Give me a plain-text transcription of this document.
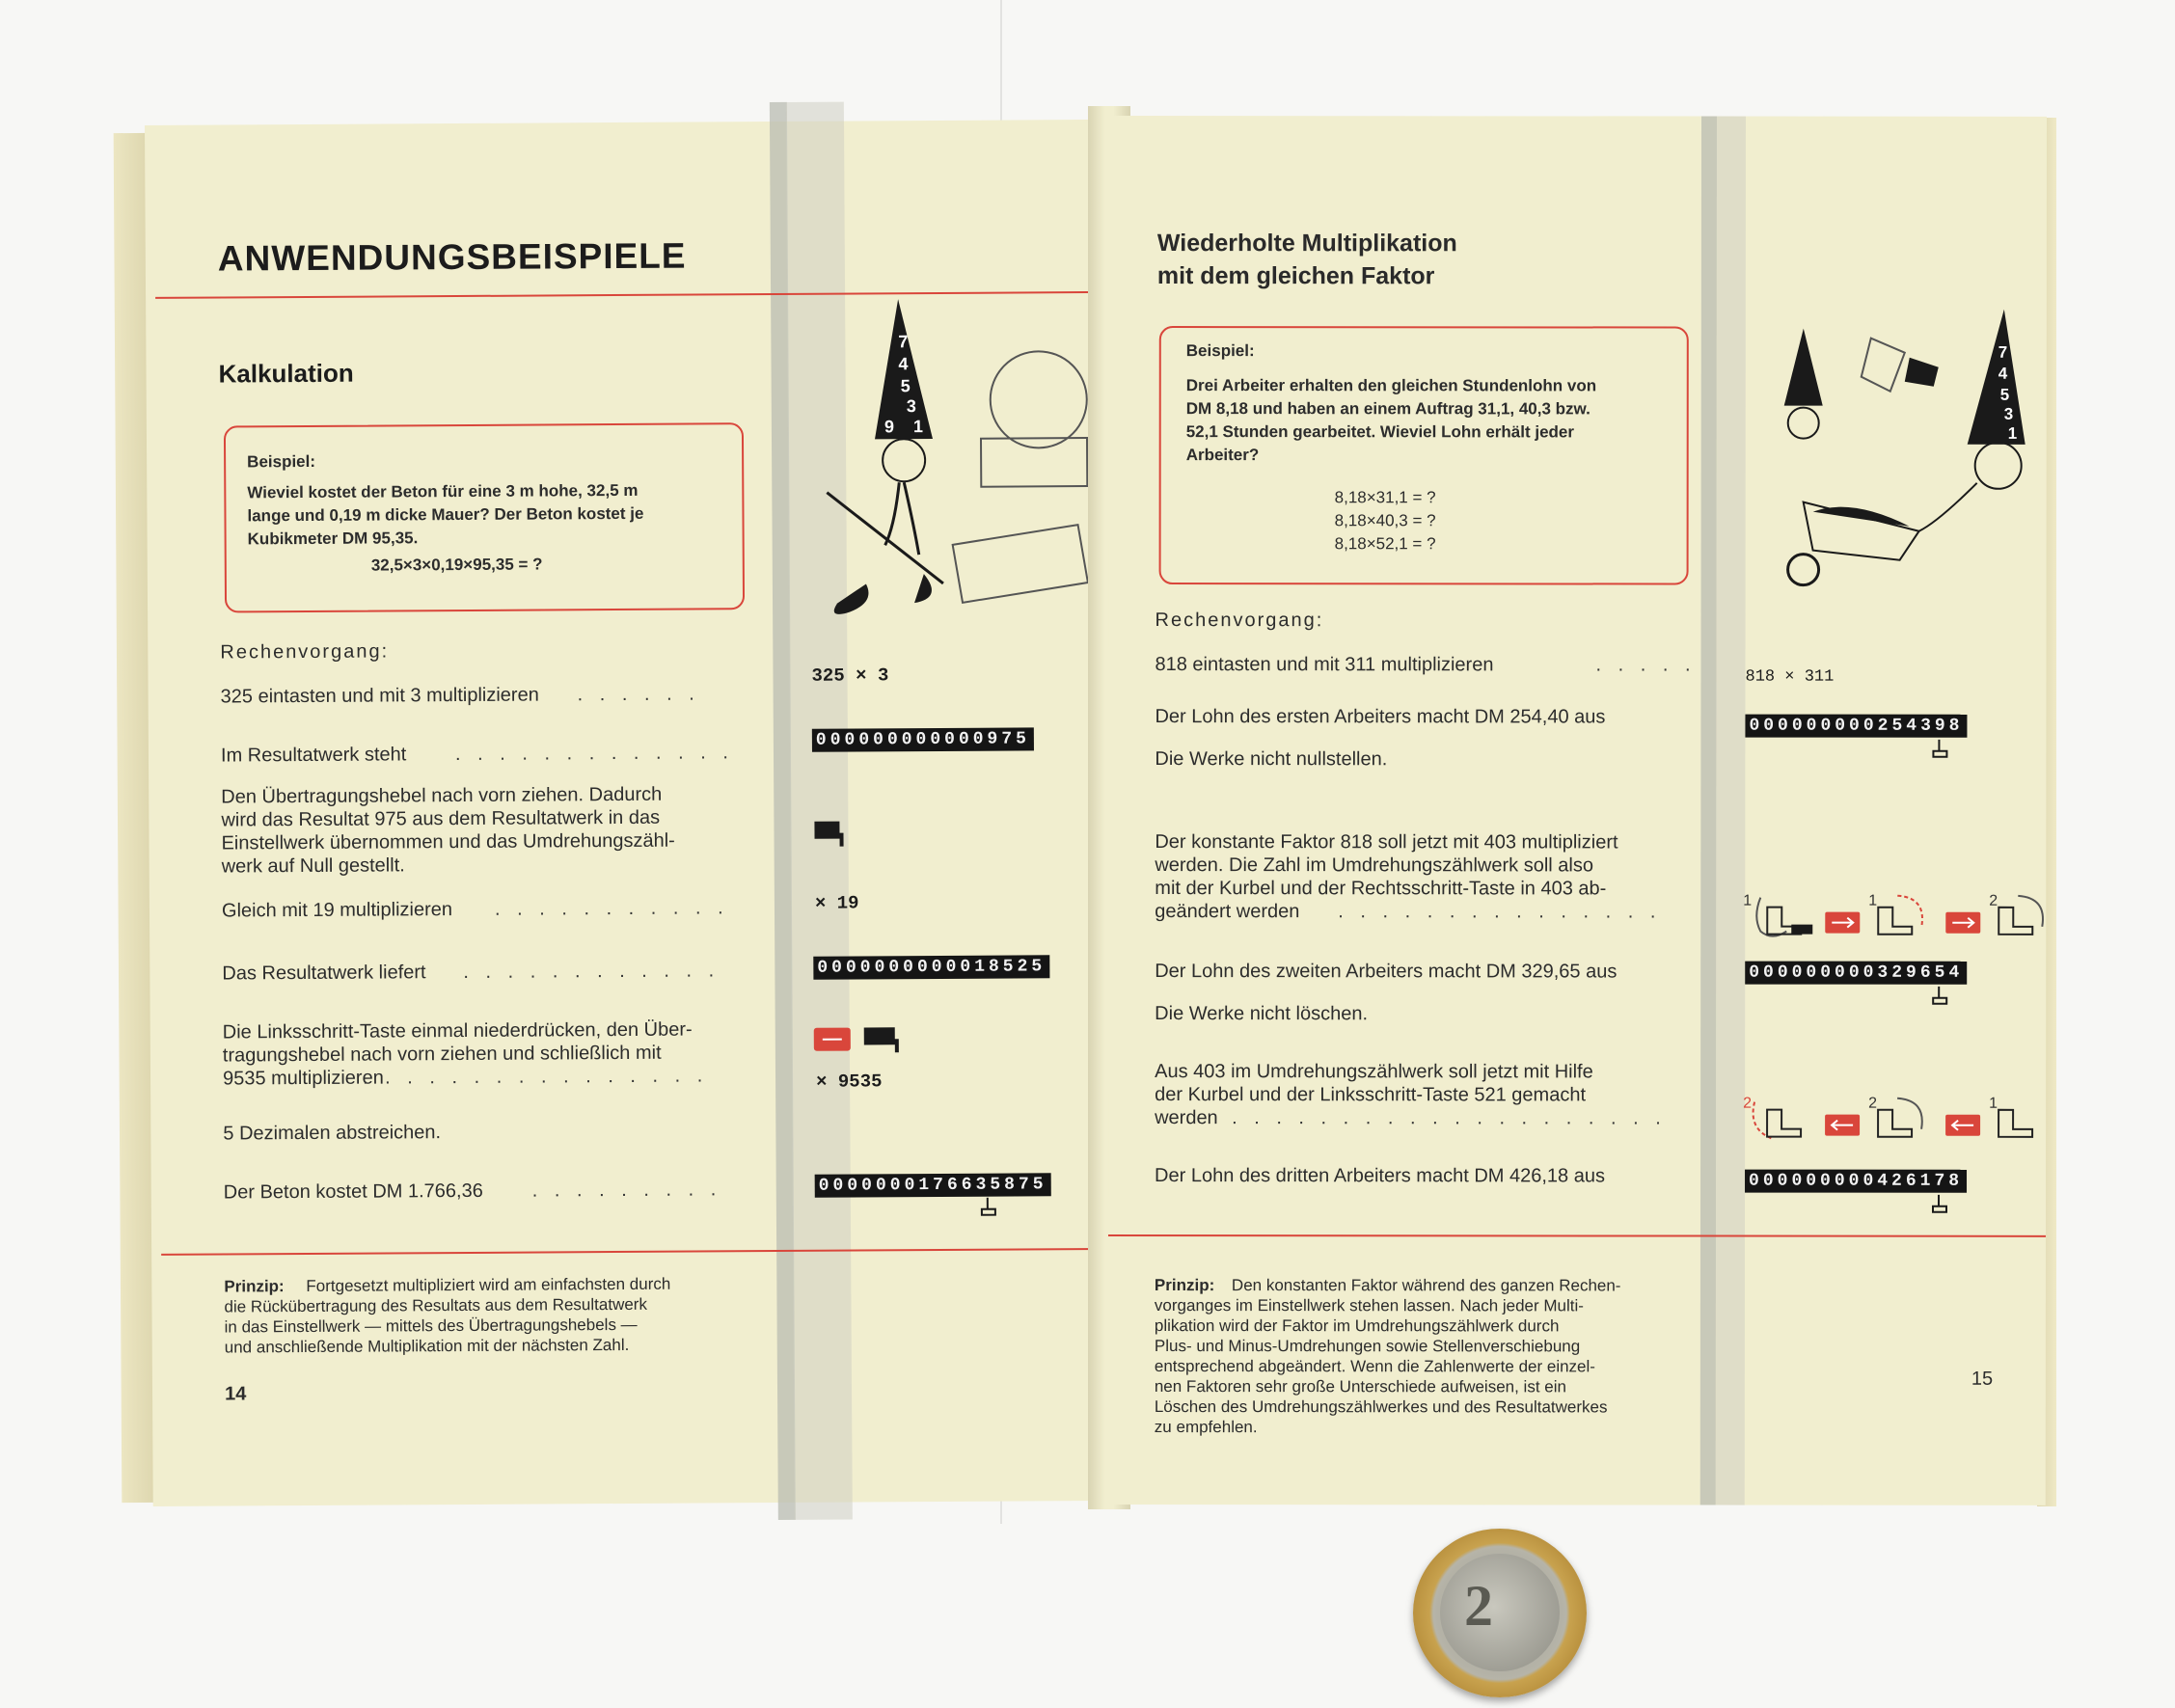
ANWENDUNGSBEISPIELE
Kalkulation
Beispiel:
Wieviel kostet der Beton für eine 3 m hohe, 32,5 m
lange und 0,19 m dicke Mauer? Der Beton kostet je
Kubikmeter DM 95,35.
32,5×3×0,19×95,35 = ?
Rechenvorgang:
325 eintasten und mit 3 multiplizieren . . . . . .
Im Resultatwerk steht	. . . . . . . . . . . . .
Den Übertragungshebel nach vorn ziehen. Dadurch
wird das Resultat 975 aus dem Resultatwerk in das
Einstellwerk übernommen und das Umdrehungszähl-
werk auf Null gestellt.
Gleich mit 19 multiplizieren . . . . . . . . . . .
Das Resultatwerk liefert . . . . . . . . . . . .
Die Linksschritt-Taste einmal niederdrücken, den Über-
tragungshebel nach vorn ziehen und schließlich mit
9535 multiplizieren
. . . . . . . . . . . . . . . .
5 Dezimalen abstreichen.
Der Beton kostet DM 1.766,36	. . . . . . . . .
325 × 3
000000000000975
× 19
0000000000018525
× 9535
0000000176635875
7
4
5
3
1
9
Prinzip: Fortgesetzt multipliziert wird am einfachsten durch
die Rückübertragung des Resultats aus dem Resultatwerk
in das Einstellwerk — mittels des Übertragungshebels —
und anschließende Multiplikation mit der nächsten Zahl.
14
Wiederholte Multiplikation
mit dem gleichen Faktor
Beispiel:
Drei Arbeiter erhalten den gleichen Stundenlohn von
DM 8,18 und haben an einem Auftrag 31,1, 40,3 bzw.
52,1 Stunden gearbeitet. Wieviel Lohn erhält jeder
Arbeiter?
8,18×31,1 = ?
8,18×40,3 = ?
8,18×52,1 = ?
Rechenvorgang:
818 eintasten und mit 311 multiplizieren	. . . . .
Der Lohn des ersten Arbeiters macht DM 254,40 aus
Die Werke nicht nullstellen.
Der konstante Faktor 818 soll jetzt mit 403 multipliziert
werden. Die Zahl im Umdrehungszählwerk soll also
mit der Kurbel und der Rechtsschritt-Taste in 403 ab-
geändert werden . . . . . . . . . . . . . . .
Der Lohn des zweiten Arbeiters macht DM 329,65 aus
Die Werke nicht löschen.
Aus 403 im Umdrehungszählwerk soll jetzt mit Hilfe
der Kurbel und der Linksschritt-Taste 521 gemacht
werden . . . . . . . . . . . . . . . . . . . .
Der Lohn des dritten Arbeiters macht DM 426,18 aus
818 × 311
000000000254398
1	1	2
000000000329654
2	2	1
000000000426178
7
4
5
3
1
Prinzip: Den konstanten Faktor während des ganzen Rechen-
vorganges im Einstellwerk stehen lassen. Nach jeder Multi-
plikation wird der Faktor im Umdrehungszählwerk durch
Plus- und Minus-Umdrehungen sowie Stellenverschiebung
entsprechend abgeändert. Wenn die Zahlenwerte der einzel-
nen Faktoren sehr große Unterschiede aufweisen, ist ein
Löschen des Umdrehungszählwerkes und des Resultatwerkes
zu empfehlen.
15
2
